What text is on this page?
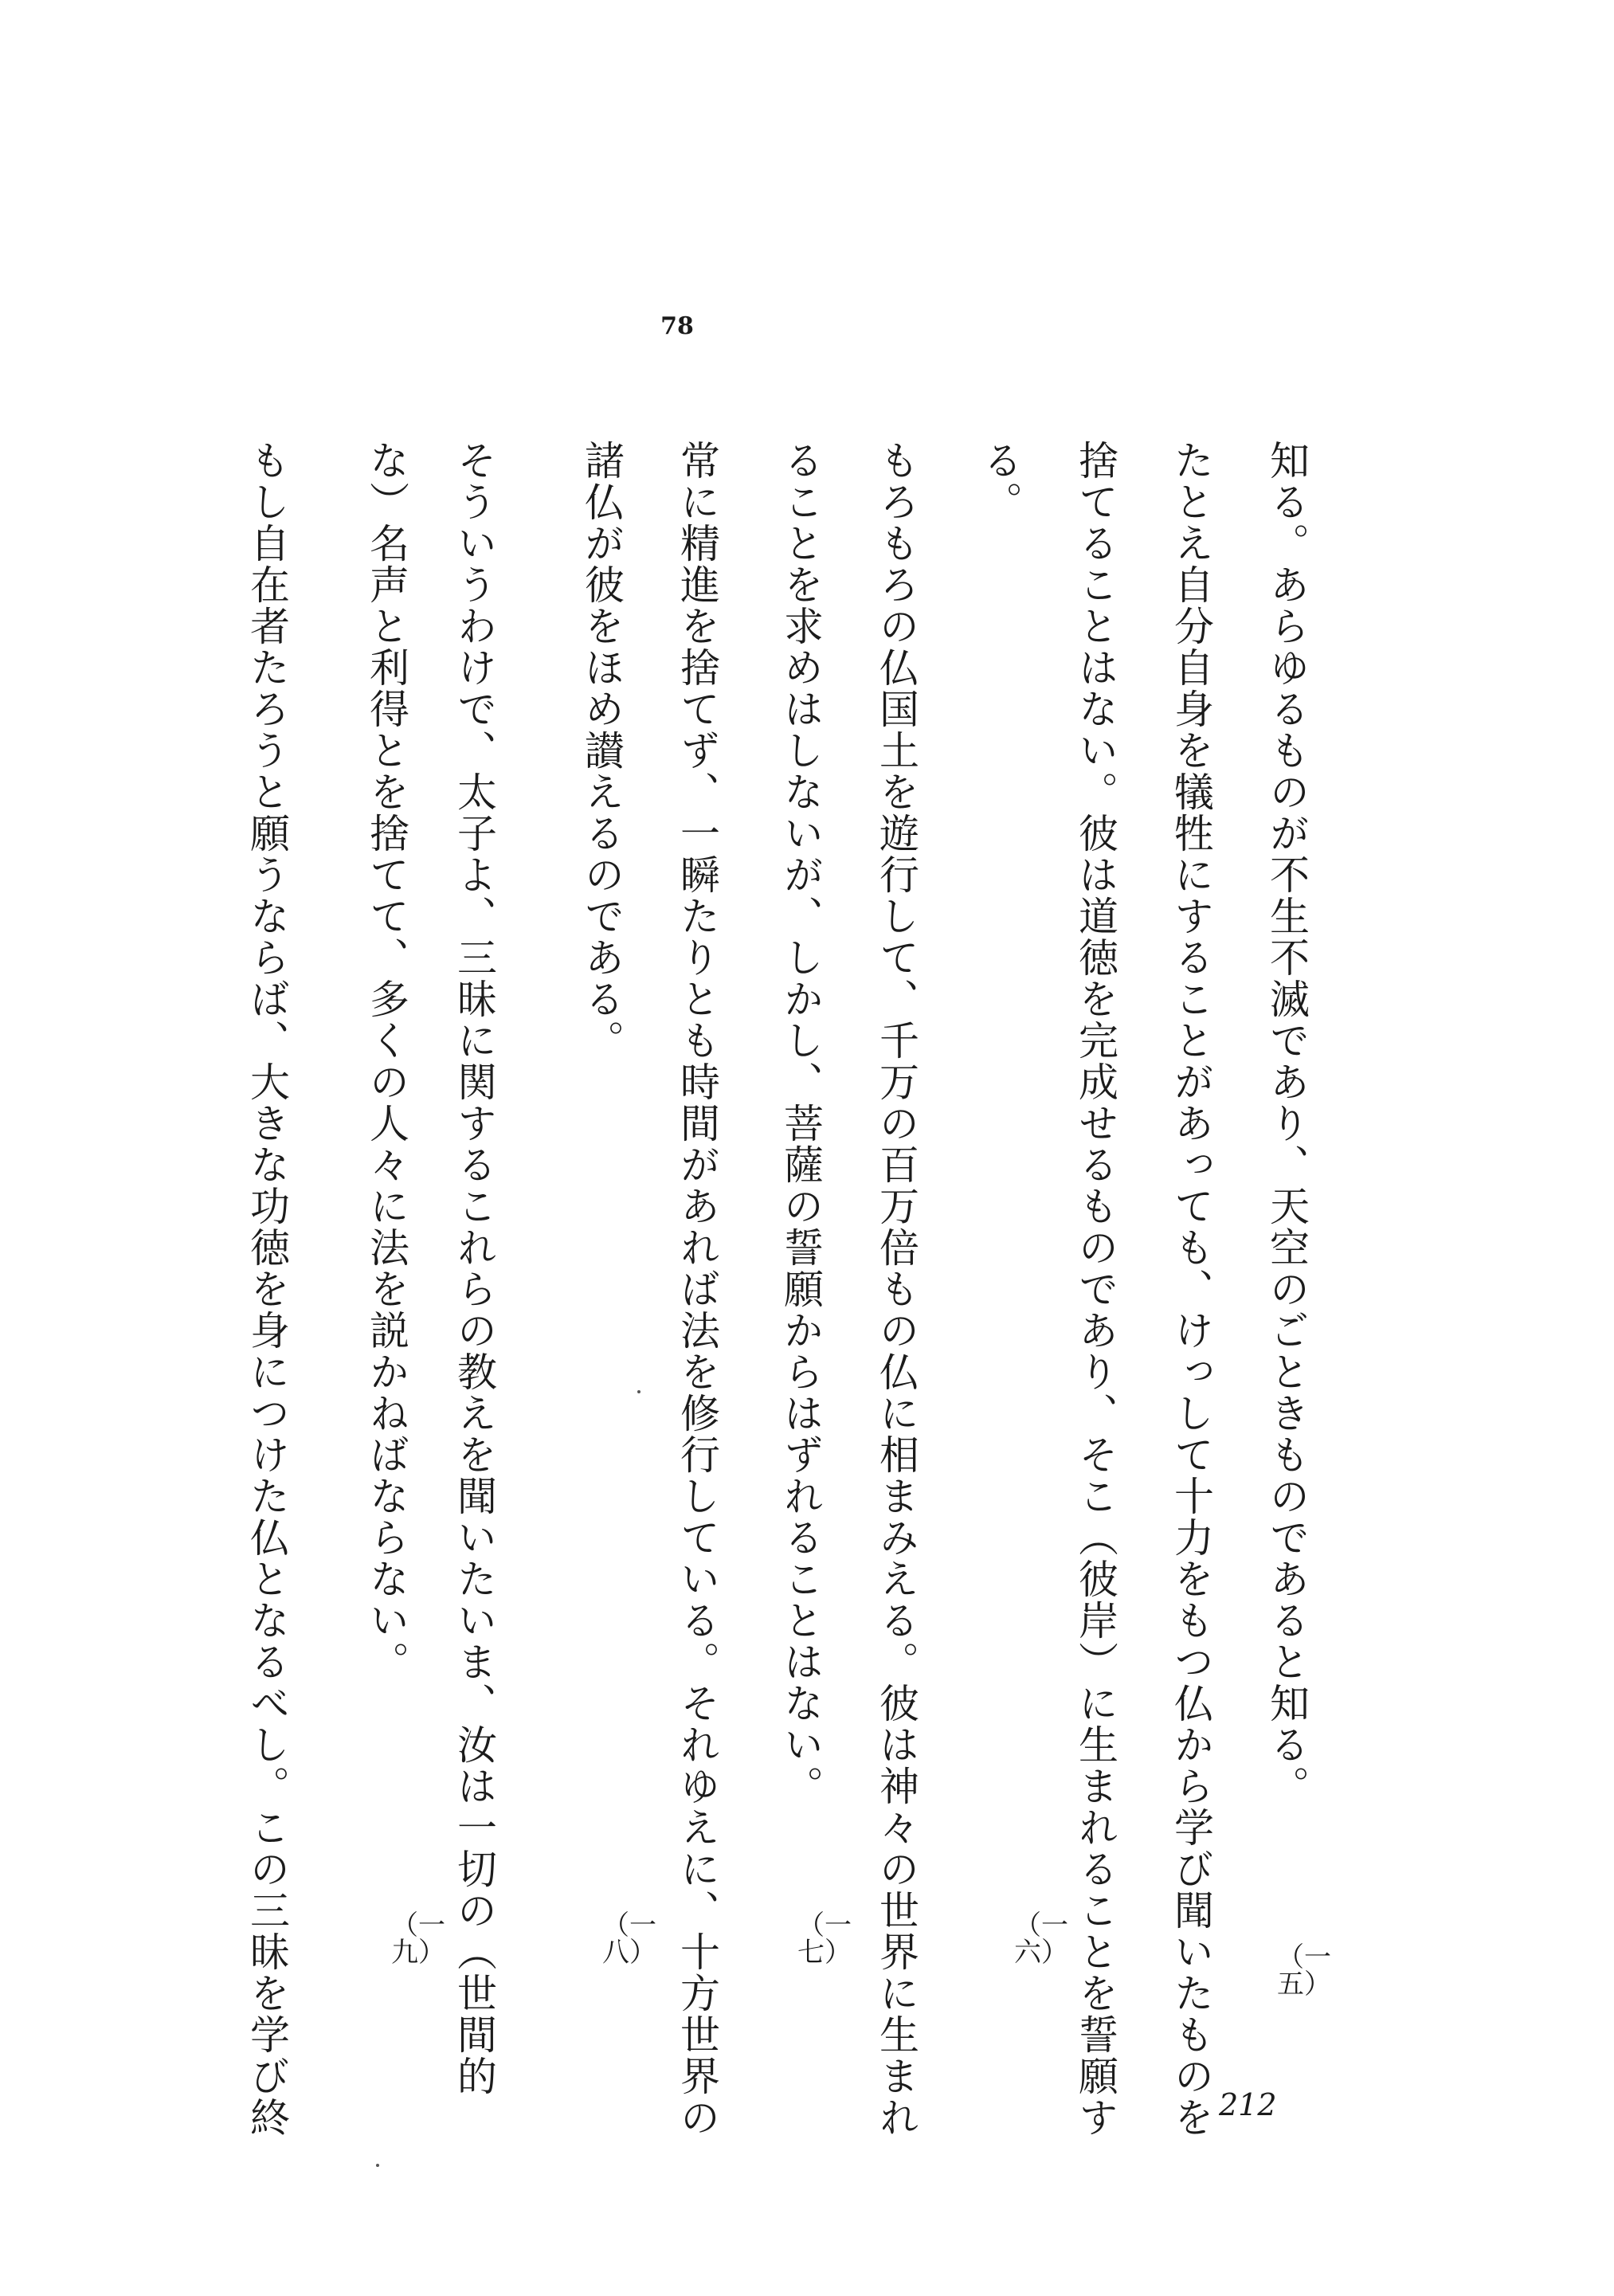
78
知る。あらゆるものが不生不滅であり、天空のごときものであると知る。
たとえ自分自身を犠牲にすることがあっても、けっして十力をもつ仏から学び聞いたものを
捨てることはない。彼は道徳を完成せるものであり、そこ（彼岸）に生まれることを誓願す
る。
もろもろの仏国土を遊行して、千万の百万倍もの仏に相まみえる。彼は神々の世界に生まれ
ることを求めはしないが、しかし、菩薩の誓願からはずれることはない。
常に精進を捨てず、一瞬たりとも時間があれば法を修行している。それゆえに、十方世界の
諸仏が彼をほめ讃えるのである。
そういうわけで、太子よ、三昧に関するこれらの教えを聞いたいま、汝は一切の（世間的
な）名声と利得とを捨てて、多くの人々に法を説かねばならない。
もし自在者たろうと願うならば、大きな功徳を身につけた仏となるべし。この三昧を学び終	（一五）
（一六）
（一七）
（一八）
（一九）
212
